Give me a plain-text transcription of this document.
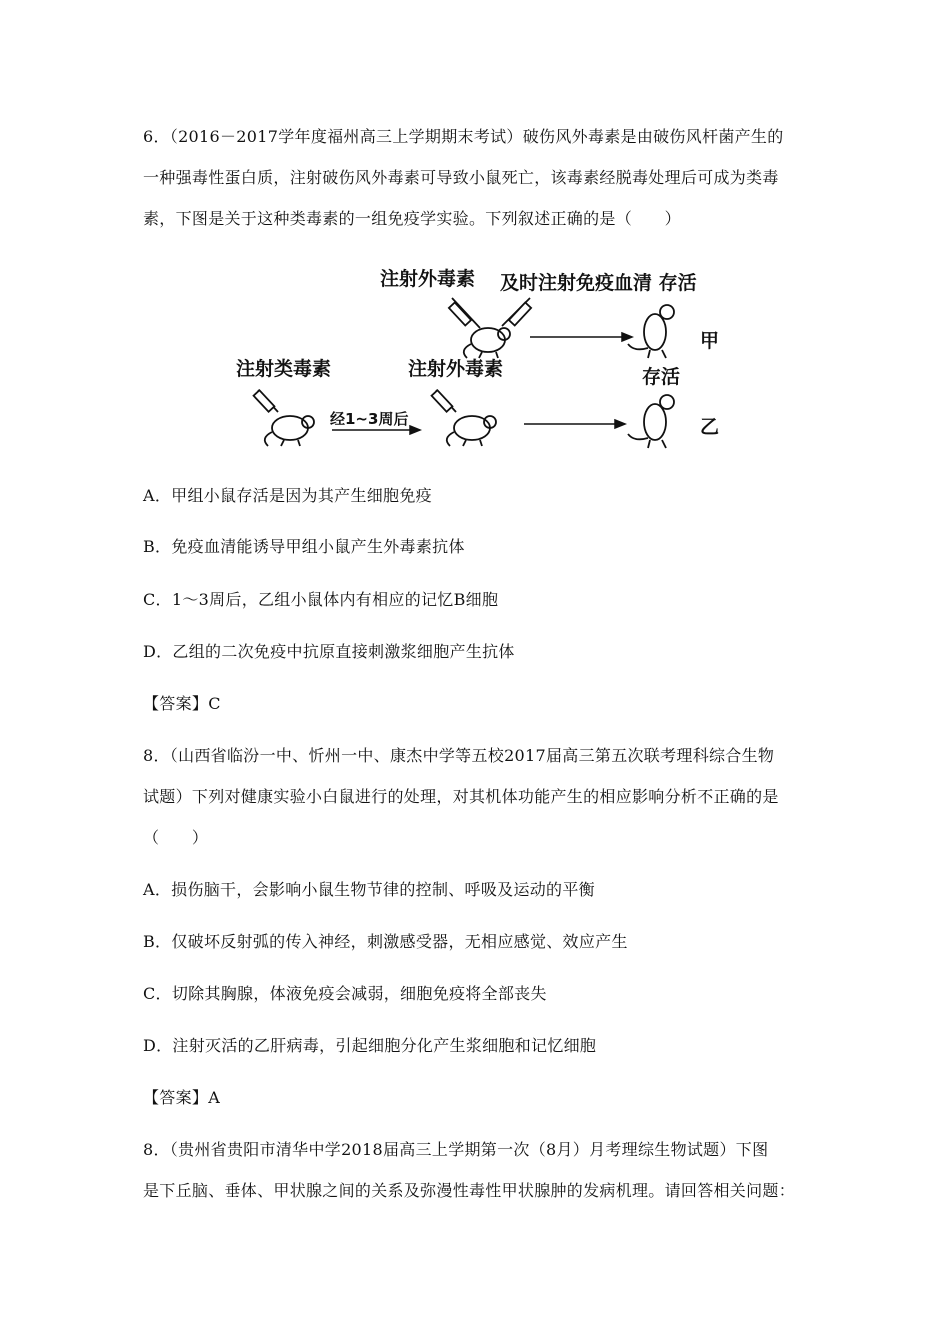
6．（2016－2017学年度福州高三上学期期末考试）破伤风外毒素是由破伤风杆菌产生的
一种强毒性蛋白质，注射破伤风外毒素可导致小鼠死亡，该毒素经脱毒处理后可成为类毒
素，下图是关于这种类毒素的一组免疫学实验。下列叙述正确的是（　　）
注射外毒素 及时注射免疫血清 存活
甲
注射类毒素	注射外毒素	存活
经1~3周后	乙
A．甲组小鼠存活是因为其产生细胞免疫
B．免疫血清能诱导甲组小鼠产生外毒素抗体
C．1～3周后，乙组小鼠体内有相应的记忆B细胞
D．乙组的二次免疫中抗原直接刺激浆细胞产生抗体
【答案】C
8．（山西省临汾一中、忻州一中、康杰中学等五校2017届高三第五次联考理科综合生物
试题）下列对健康实验小白鼠进行的处理，对其机体功能产生的相应影响分析不正确的是
（　　）
A．损伤脑干，会影响小鼠生物节律的控制、呼吸及运动的平衡
B．仅破坏反射弧的传入神经，刺激感受器，无相应感觉、效应产生
C．切除其胸腺，体液免疫会减弱，细胞免疫将全部丧失
D．注射灭活的乙肝病毒，引起细胞分化产生浆细胞和记忆细胞
【答案】A
8．（贵州省贵阳市清华中学2018届高三上学期第一次（8月）月考理综生物试题）下图
是下丘脑、垂体、甲状腺之间的关系及弥漫性毒性甲状腺肿的发病机理。请回答相关问题：
